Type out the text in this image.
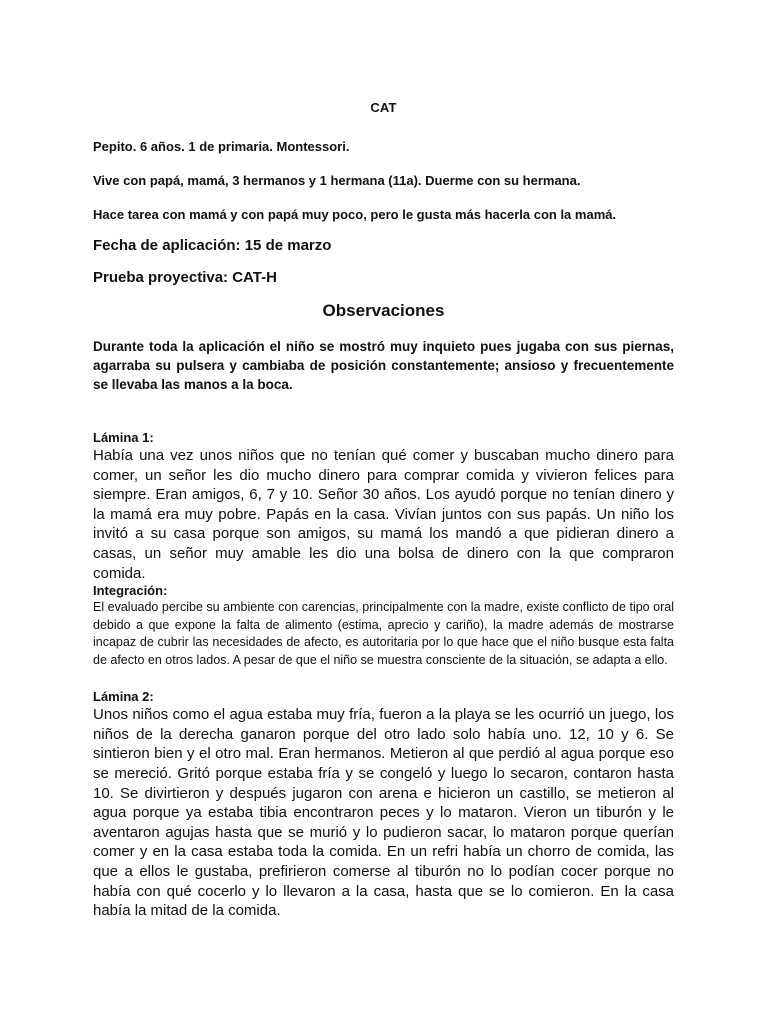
CAT

Pepito. 6 años. 1 de primaria. Montessori.

Vive con papá, mamá, 3 hermanos y 1 hermana (11a). Duerme con su hermana.

Hace tarea con mamá y con papá muy poco, pero le gusta más hacerla con la mamá.

Fecha de aplicación: 15 de marzo

Prueba proyectiva: CAT-H

Observaciones

Durante toda la aplicación el niño se mostró muy inquieto pues jugaba con sus piernas, agarraba su pulsera y cambiaba de posición constantemente; ansioso y frecuentemente se llevaba las manos a la boca.

Lámina 1:

Había una vez unos niños que no tenían qué comer y buscaban mucho dinero para comer, un señor les dio mucho dinero para comprar comida y vivieron felices para siempre. Eran amigos, 6, 7 y 10. Señor 30 años. Los ayudó porque no tenían dinero y la mamá era muy pobre. Papás en la casa. Vivían juntos con sus papás. Un niño los invitó a su casa porque son amigos, su mamá los mandó a que pidieran dinero a casas, un señor muy amable les dio una bolsa de dinero con la que compraron comida.

Integración:

El evaluado percibe su ambiente con carencias, principalmente con la madre, existe conflicto de tipo oral debido a que expone la falta de alimento (estima, aprecio y cariño), la madre además de mostrarse incapaz de cubrir las necesidades de afecto, es autoritaria por lo que hace que el niño busque esta falta de afecto en otros lados. A pesar de que el niño se muestra consciente de la situación, se adapta a ello.

Lámina 2:

Unos niños como el agua estaba muy fría, fueron a la playa se les ocurrió un juego, los niños de la derecha ganaron porque del otro lado solo había uno. 12, 10 y 6. Se sintieron bien y el otro mal. Eran hermanos. Metieron al que perdió al agua porque eso se mereció. Gritó porque estaba fría y se congeló y luego lo secaron, contaron hasta 10. Se divirtieron y después jugaron con arena e hicieron un castillo, se metieron al agua porque ya estaba tibia encontraron peces y lo mataron. Vieron un tiburón y le aventaron agujas hasta que se murió y lo pudieron sacar, lo mataron porque querían comer y en la casa estaba toda la comida. En un refri había un chorro de comida, las que a ellos le gustaba, prefirieron comerse al tiburón no lo podían cocer porque no había con qué cocerlo y lo llevaron a la casa, hasta que se lo comieron. En la casa había la mitad de la comida.
